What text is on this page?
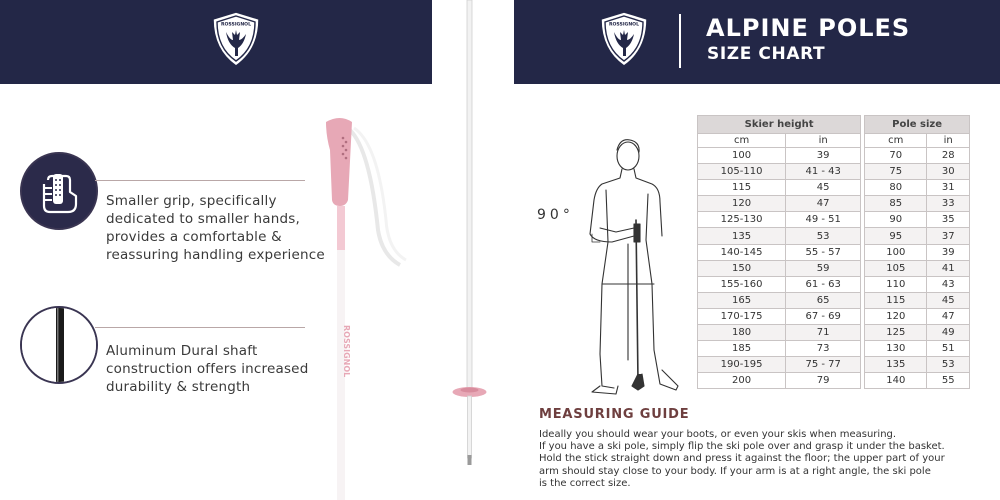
ROSSIGNOL
Smaller grip, specifically
dedicated to smaller hands,
provides a comfortable &
reassuring handling experience
Aluminum Dural shaft
construction offers increased
durability & strength
ROSSIGNOL
ROSSIGNOL	ALPINE POLES
SIZE CHART
90°
Skier height			Pole size	
cm	in		cm	in
100	39		70	28
105-110	41 - 43		75	30
115	45		80	31
120	47		85	33
125-130	49 - 51		90	35
135	53		95	37
140-145	55 - 57		100	39
150	59		105	41
155-160	61 - 63		110	43
165	65		115	45
170-175	67 - 69		120	47
180	71		125	49
185	73		130	51
190-195	75 - 77		135	53
200	79		140	55
MEASURING GUIDE
Ideally you should wear your boots, or even your skis when measuring.
If you have a ski pole, simply flip the ski pole over and grasp it under the basket.
Hold the stick straight down and press it against the floor; the upper part of your
arm should stay close to your body. If your arm is at a right angle, the ski pole
is the correct size.
